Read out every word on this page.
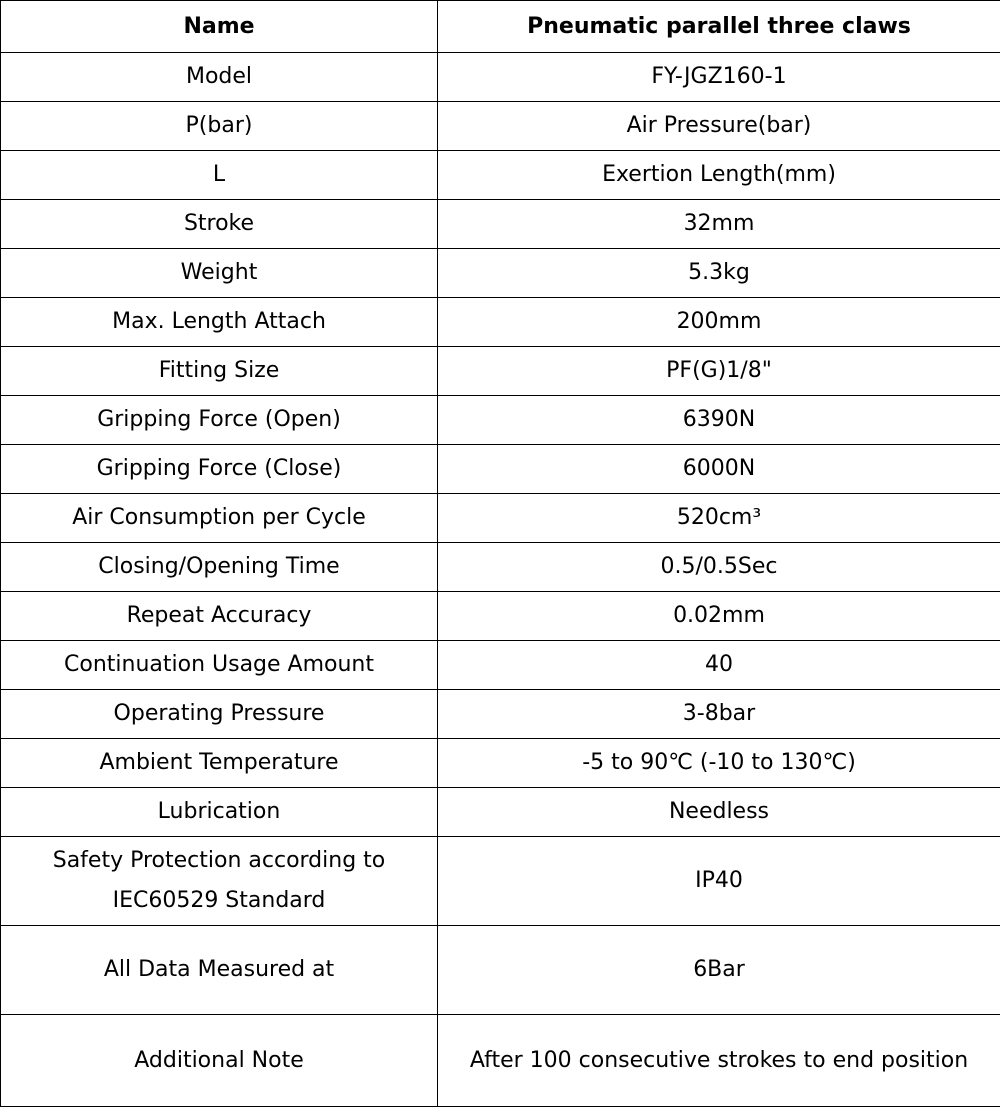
Name	Pneumatic parallel three claws
Model	FY-JGZ160-1
P(bar)	Air Pressure(bar)
L	Exertion Length(mm)
Stroke	32mm
Weight	5.3kg
Max. Length Attach	200mm
Fitting Size	PF(G)1/8"
Gripping Force (Open)	6390N
Gripping Force (Close)	6000N
Air Consumption per Cycle	520cm³
Closing/Opening Time	0.5/0.5Sec
Repeat Accuracy	0.02mm
Continuation Usage Amount	40
Operating Pressure	3-8bar
Ambient Temperature	-5 to 90℃ (-10 to 130℃)
Lubrication	Needless

Safety Protection according to
IEC60529 Standard	IP40
All Data Measured at	6Bar
Additional Note	After 100 consecutive strokes to end position
